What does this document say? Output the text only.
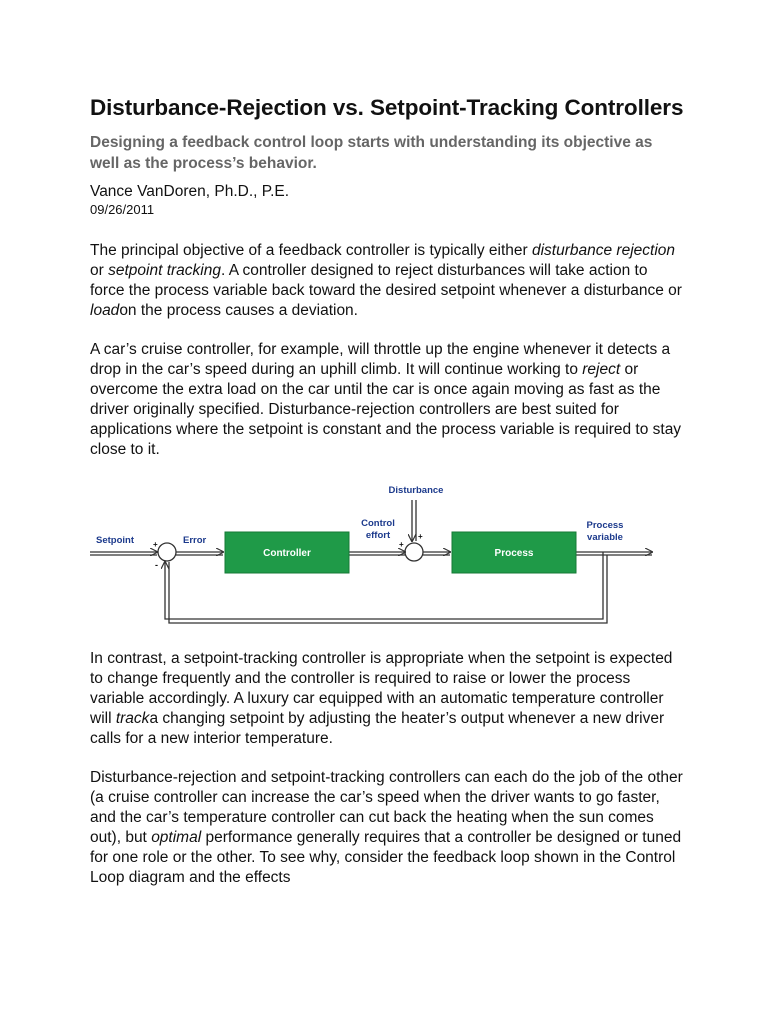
Disturbance-Rejection vs. Setpoint-Tracking Controllers
Designing a feedback control loop starts with understanding its objective as well as the process’s behavior.
Vance VanDoren, Ph.D., P.E.
09/26/2011

The principal objective of a feedback controller is typically either disturbance rejection or setpoint tracking. A controller designed to reject disturbances will take action to force the process variable back toward the desired setpoint whenever a disturbance or loadon the process causes a deviation.

A car’s cruise controller, for example, will throttle up the engine whenever it detects a drop in the car’s speed during an uphill climb. It will continue working to reject or overcome the extra load on the car until the car is once again moving as fast as the driver originally specified. Disturbance-rejection controllers are best suited for applications where the setpoint is constant and the process variable is required to stay close to it.

Controller	Process
Setpoint	Error
Control
effort
Disturbance
Process
variable
+
-
+
+

In contrast, a setpoint-tracking controller is appropriate when the setpoint is expected to change frequently and the controller is required to raise or lower the process variable accordingly. A luxury car equipped with an automatic temperature controller will tracka changing setpoint by adjusting the heater’s output whenever a new driver calls for a new interior temperature.

Disturbance-rejection and setpoint-tracking controllers can each do the job of the other (a cruise controller can increase the car’s speed when the driver wants to go faster, and the car’s temperature controller can cut back the heating when the sun comes out), but optimal performance generally requires that a controller be designed or tuned for one role or the other. To see why, consider the feedback loop shown in the Control Loop diagram and the effects
